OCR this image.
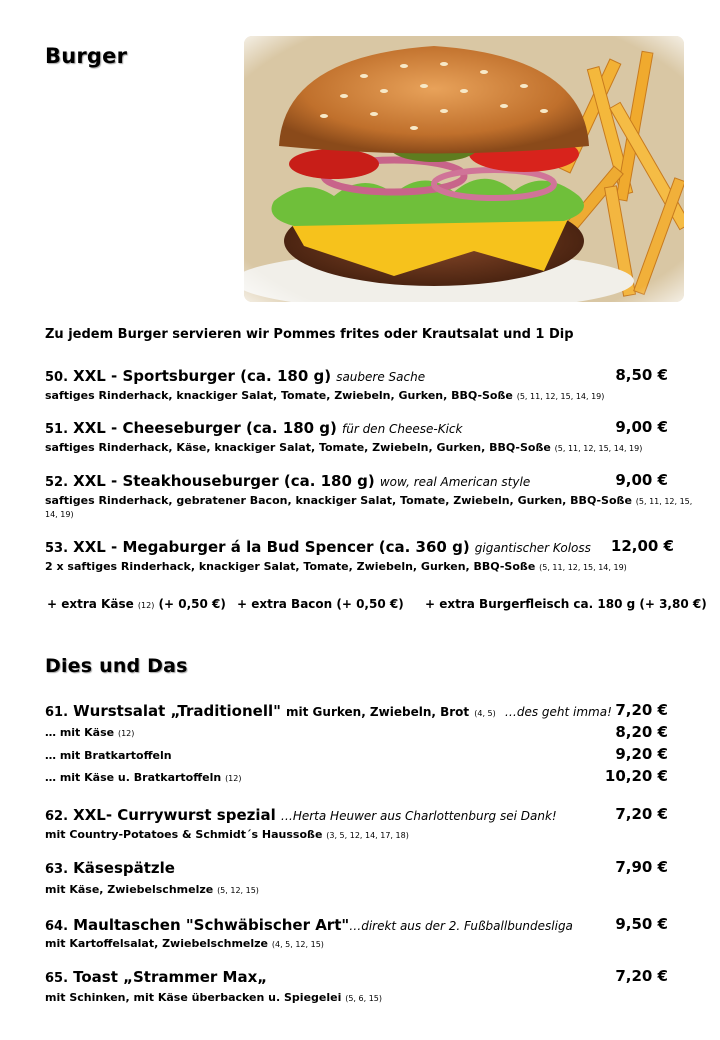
Burger
Zu jedem Burger servieren wir Pommes frites oder Krautsalat und 1 Dip
50. XXL - Sportsburger (ca. 180 g) saubere Sache	8,50 €
saftiges Rinderhack, knackiger Salat, Tomate, Zwiebeln, Gurken, BBQ-Soße (5, 11, 12, 15, 14, 19)
51. XXL - Cheeseburger (ca. 180 g) für den Cheese-Kick	9,00 €
saftiges Rinderhack, Käse, knackiger Salat, Tomate, Zwiebeln, Gurken, BBQ-Soße (5, 11, 12, 15, 14, 19)
52. XXL - Steakhouseburger (ca. 180 g) wow, real American style	9,00 €
saftiges Rinderhack, gebratener Bacon, knackiger Salat, Tomate, Zwiebeln, Gurken, BBQ-Soße (5, 11, 12, 15,
14, 19)
53. XXL - Megaburger á la Bud Spencer (ca. 360 g) gigantischer Koloss	12,00 €
2 x saftiges Rinderhack, knackiger Salat, Tomate, Zwiebeln, Gurken, BBQ-Soße (5, 11, 12, 15, 14, 19)
+ extra Käse (12) (+ 0,50 €) + extra Bacon (+ 0,50 €) + extra Burgerfleisch ca. 180 g (+ 3,80 €)
Dies und Das
61. Wurstsalat „Traditionell" mit Gurken, Zwiebeln, Brot (4, 5) …des geht imma! 7,20 €
… mit Käse (12)	8,20 €
… mit Bratkartoffeln	9,20 €
… mit Käse u. Bratkartoffeln (12)	10,20 €
62. XXL- Currywurst spezial …Herta Heuwer aus Charlottenburg sei Dank!	7,20 €
mit Country-Potatoes & Schmidt´s Haussoße (3, 5, 12, 14, 17, 18)
63. Käsespätzle	7,90 €
mit Käse, Zwiebelschmelze (5, 12, 15)
64. Maultaschen "Schwäbischer Art"…direkt aus der 2. Fußballbundesliga	9,50 €
mit Kartoffelsalat, Zwiebelschmelze (4, 5, 12, 15)
65. Toast „Strammer Max„	7,20 €
mit Schinken, mit Käse überbacken u. Spiegelei (5, 6, 15)
